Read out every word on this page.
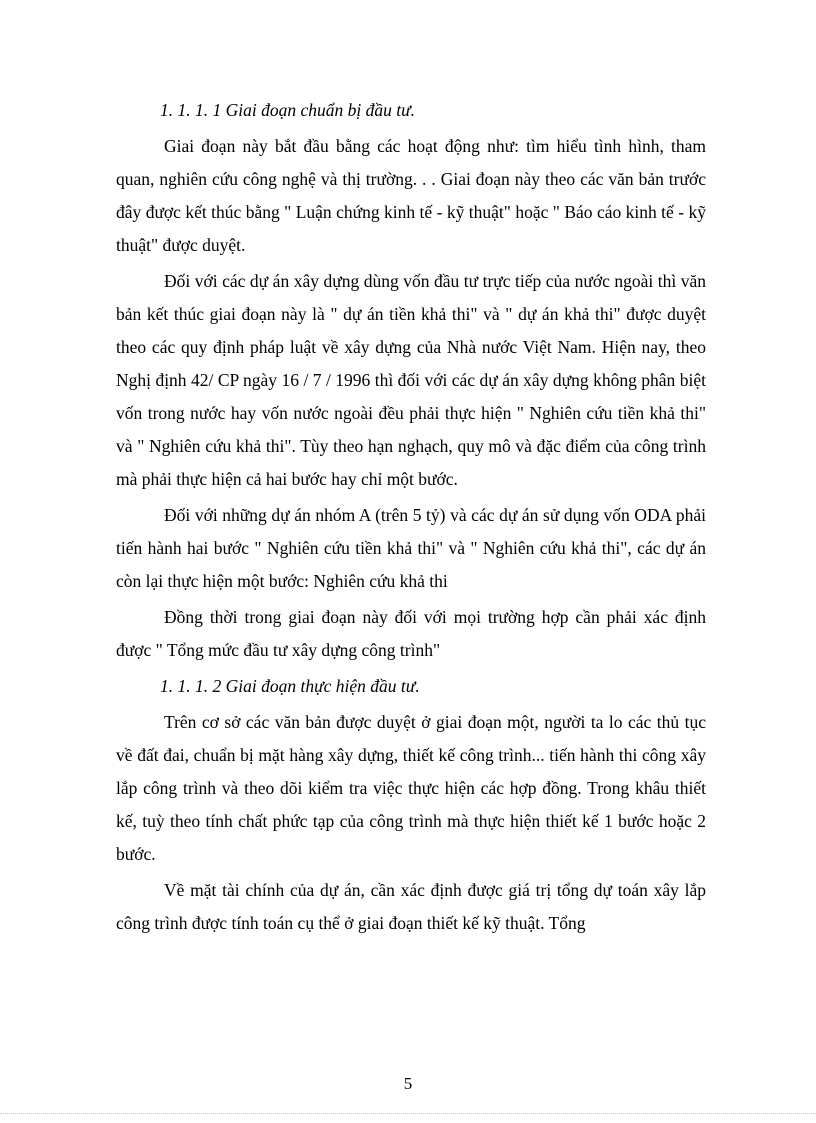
1. 1. 1. 1 Giai đoạn chuẩn bị đầu tư.

Giai đoạn này bắt đầu bằng các hoạt động như: tìm hiểu tình hình, tham quan, nghiên cứu công nghệ và thị trường. . . Giai đoạn này theo các văn bản trước đây được kết thúc bằng " Luận chứng kinh tế - kỹ thuật" hoặc " Báo cáo kinh tế - kỹ thuật" được duyệt.

Đối với các dự án xây dựng dùng vốn đầu tư trực tiếp của nước ngoài thì văn bản kết thúc giai đoạn này là " dự án tiền khả thi" và " dự án khả thi" được duyệt theo các quy định pháp luật về xây dựng của Nhà nước Việt Nam. Hiện nay, theo Nghị định 42/ CP ngày 16 / 7 / 1996 thì đối với các dự án xây dựng không phân biệt vốn trong nước hay vốn nước ngoài đều phải thực hiện " Nghiên cứu tiền khả thi" và " Nghiên cứu khả thi". Tùy theo hạn nghạch, quy mô và đặc điểm của công trình mà phải thực hiện cả hai bước hay chỉ một bước.

Đối với những dự án nhóm A (trên 5 tỷ) và các dự án sử dụng vốn ODA phải tiến hành hai bước " Nghiên cứu tiền khả thi" và " Nghiên cứu khả thi", các dự án còn lại thực hiện một bước: Nghiên cứu khả thi

Đồng thời trong giai đoạn này đối với mọi trường hợp cần phải xác định được " Tổng mức đầu tư xây dựng công trình"

1. 1. 1. 2 Giai đoạn thực hiện đầu tư.

Trên cơ sở các văn bản được duyệt ở giai đoạn một, người ta lo các thủ tục về đất đai, chuẩn bị mặt hàng xây dựng, thiết kế công trình... tiến hành thi công xây lắp công trình và theo dõi kiểm tra việc thực hiện các hợp đồng. Trong khâu thiết kế, tuỳ theo tính chất phức tạp của công trình mà thực hiện thiết kế 1 bước hoặc 2 bước.

Về mặt tài chính của dự án, cần xác định được giá trị tổng dự toán xây lắp công trình được tính toán cụ thể ở giai đoạn thiết kế kỹ thuật. Tổng

5
